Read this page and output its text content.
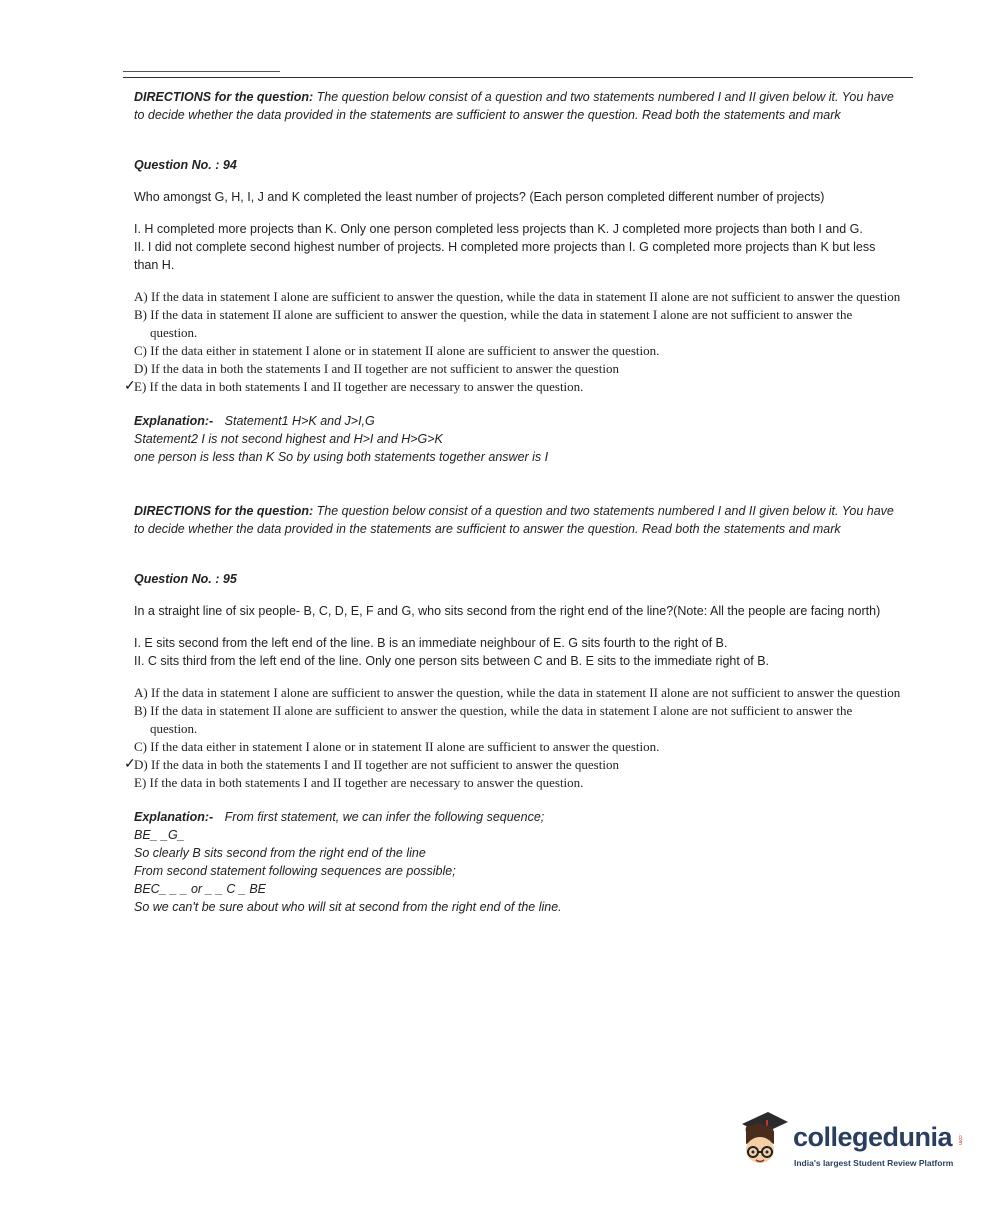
DIRECTIONS for the question: The question below consist of a question and two statements numbered I and II given below it. You have to decide whether the data provided in the statements are sufficient to answer the question. Read both the statements and mark
Question No. : 94
Who amongst G, H, I, J and K completed the least number of projects? (Each person completed different number of projects)

I. H completed more projects than K. Only one person completed less projects than K. J completed more projects than both I and G.

II. I did not complete second highest number of projects. H completed more projects than I. G completed more projects than K but less than H.

A) If the data in statement I alone are sufficient to answer the question, while the data in statement II alone are not sufficient to answer the question
B) If the data in statement II alone are sufficient to answer the question, while the data in statement I alone are not sufficient to answer the question.
C) If the data either in statement I alone or in statement II alone are sufficient to answer the question.
D) If the data in both the statements I and II together are not sufficient to answer the question
✓
E) If the data in both statements I and II together are necessary to answer the question.

Explanation:- Statement1 H>K and J>I,G

Statement2 I is not second highest and H>I and H>G>K

one person is less than K So by using both statements together answer is I

DIRECTIONS for the question: The question below consist of a question and two statements numbered I and II given below it. You have to decide whether the data provided in the statements are sufficient to answer the question. Read both the statements and mark
Question No. : 95
In a straight line of six people- B, C, D, E, F and G, who sits second from the right end of the line?(Note: All the people are facing north)

I. E sits second from the left end of the line. B is an immediate neighbour of E. G sits fourth to the right of B.

II. C sits third from the left end of the line. Only one person sits between C and B. E sits to the immediate right of B.

A) If the data in statement I alone are sufficient to answer the question, while the data in statement II alone are not sufficient to answer the question
B) If the data in statement II alone are sufficient to answer the question, while the data in statement I alone are not sufficient to answer the question.
C) If the data either in statement I alone or in statement II alone are sufficient to answer the question.
✓
D) If the data in both the statements I and II together are not sufficient to answer the question
E) If the data in both statements I and II together are necessary to answer the question.

Explanation:- From first statement, we can infer the following sequence;

BE_ _G_

So clearly B sits second from the right end of the line

From second statement following sequences are possible;

BEC_ _ _ or _ _ C _ BE

So we can't be sure about who will sit at second from the right end of the line.

collegedunia .com
India's largest Student Review Platform
